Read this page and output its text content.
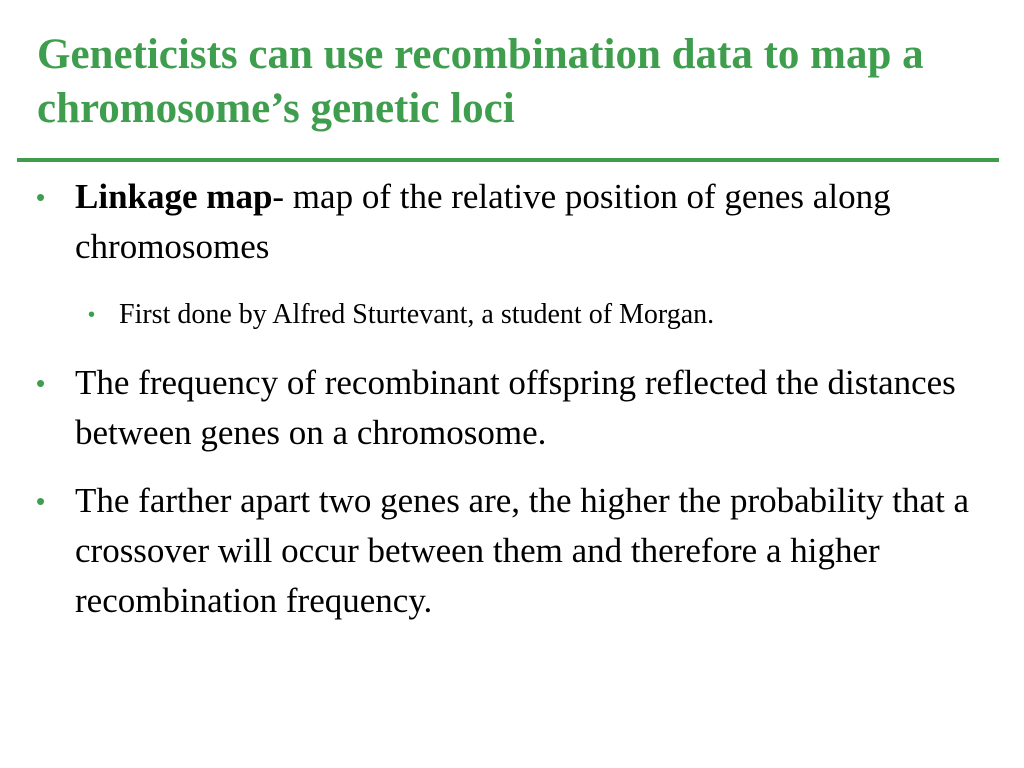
Geneticists can use recombination data to map a chromosome’s genetic loci
• Linkage map- map of the relative position of genes along chromosomes
• First done by Alfred Sturtevant, a student of Morgan.
• The frequency of recombinant offspring reflected the distances between genes on a chromosome.
• The farther apart two genes are, the higher the probability that a crossover will occur between them and therefore a higher recombination frequency.
